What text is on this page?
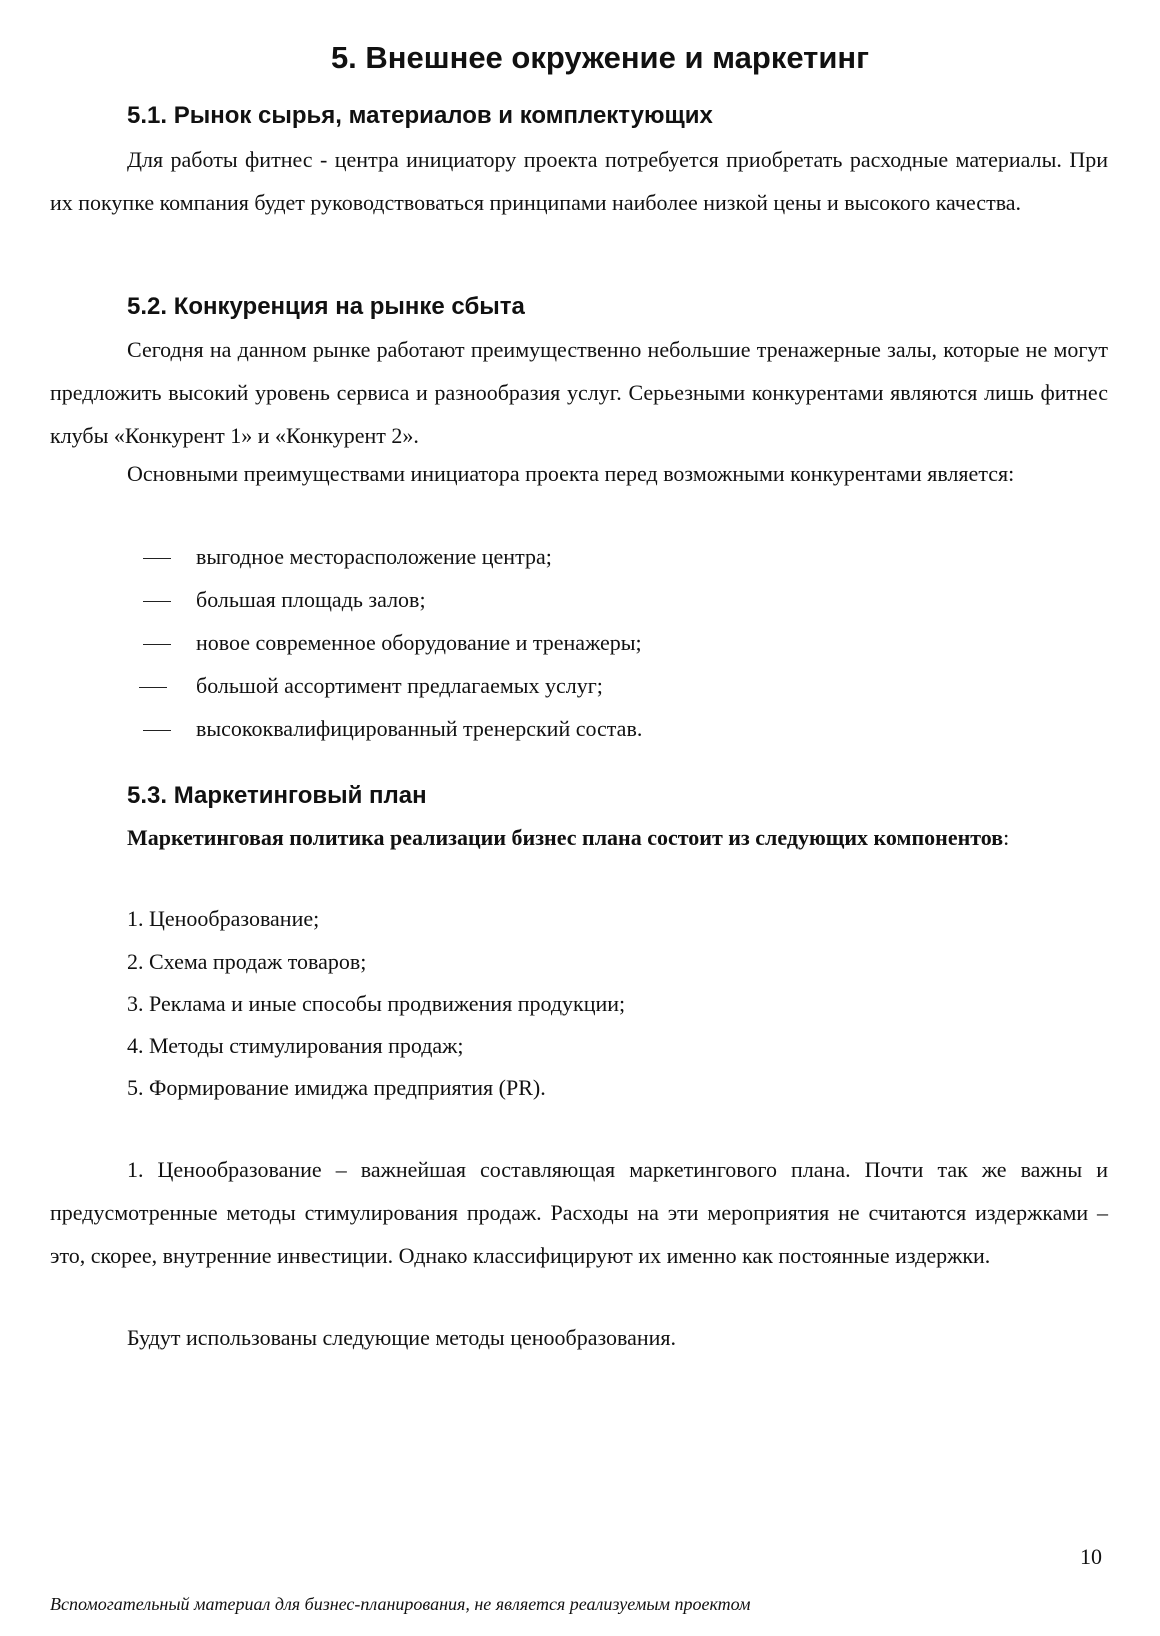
5. Внешнее окружение и маркетинг
5.1. Рынок сырья, материалов и комплектующих

Для работы фитнес - центра инициатору проекта потребуется приобретать расходные материалы. При их покупке компания будет руководствоваться принципами наиболее низкой цены и высокого качества.

5.2. Конкуренция на рынке сбыта

Сегодня на данном рынке работают преимущественно небольшие тренажерные залы, которые не могут предложить высокий уровень сервиса и разнообразия услуг. Серьезными конкурентами являются лишь фитнес клубы «Конкурент 1» и «Конкурент 2».

Основными преимуществами инициатора проекта перед возможными конкурентами является:

выгодное месторасположение центра;
большая площадь залов;
новое современное оборудование и тренажеры;
большой ассортимент предлагаемых услуг;
высококвалифицированный тренерский состав.
5.3. Маркетинговый план

Маркетинговая политика реализации бизнес плана состоит из следующих компонентов:

1. Ценообразование;
2. Схема продаж товаров;
3. Реклама и иные способы продвижения продукции;
4. Методы стимулирования продаж;
5. Формирование имиджа предприятия (PR).

1. Ценообразование – важнейшая составляющая маркетингового плана. Почти так же важны и предусмотренные методы стимулирования продаж. Расходы на эти мероприятия не считаются издержками – это, скорее, внутренние инвестиции. Однако классифицируют их именно как постоянные издержки.

Будут использованы следующие методы ценообразования.

10
Вспомогательный материал для бизнес-планирования, не является реализуемым проектом
